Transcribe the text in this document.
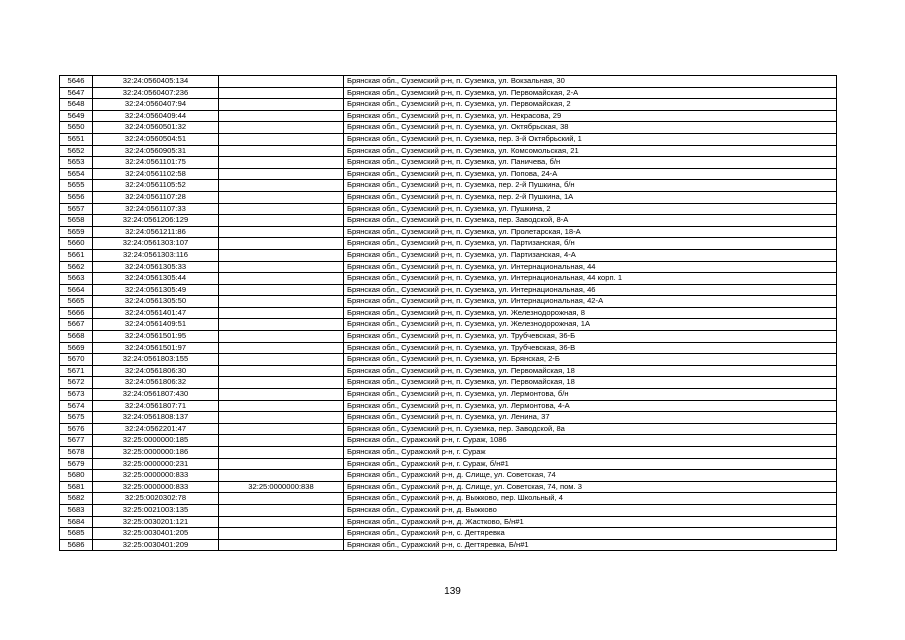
5646	32:24:0560405:134		Брянская обл., Суземский р-н, п. Суземка, ул. Вокзальная, 30
5647	32:24:0560407:236		Брянская обл., Суземский р-н, п. Суземка, ул. Первомайская, 2-А
5648	32:24:0560407:94		Брянская обл., Суземский р-н, п. Суземка, ул. Первомайская, 2
5649	32:24:0560409:44		Брянская обл., Суземский р-н, п. Суземка, ул. Некрасова, 29
5650	32:24:0560501:32		Брянская обл., Суземский р-н, п. Суземка, ул. Октябрьская, 38
5651	32:24:0560504:51		Брянская обл., Суземский р-н, п. Суземка, пер. 3-й Октябрьский, 1
5652	32:24:0560905:31		Брянская обл., Суземский р-н, п. Суземка, ул. Комсомольская, 21
5653	32:24:0561101:75		Брянская обл., Суземский р-н, п. Суземка, ул. Паничева, б/н
5654	32:24:0561102:58		Брянская обл., Суземский р-н, п. Суземка, ул. Попова, 24-А
5655	32:24:0561105:52		Брянская обл., Суземский р-н, п. Суземка, пер. 2-й Пушкина, б/н
5656	32:24:0561107:28		Брянская обл., Суземский р-н, п. Суземка, пер. 2-й Пушкина, 1А
5657	32:24:0561107:33		Брянская обл., Суземский р-н, п. Суземка, ул. Пушкина, 2
5658	32:24:0561206:129		Брянская обл., Суземский р-н, п. Суземка, пер. Заводской, 8-А
5659	32:24:0561211:86		Брянская обл., Суземский р-н, п. Суземка, ул. Пролетарская, 18-А
5660	32:24:0561303:107		Брянская обл., Суземский р-н, п. Суземка, ул. Партизанская, б/н
5661	32:24:0561303:116		Брянская обл., Суземский р-н, п. Суземка, ул. Партизанская, 4-А
5662	32:24:0561305:33		Брянская обл., Суземский р-н, п. Суземка, ул. Интернациональная, 44
5663	32:24:0561305:44		Брянская обл., Суземский р-н, п. Суземка, ул. Интернациональная, 44 корп. 1
5664	32:24:0561305:49		Брянская обл., Суземский р-н, п. Суземка, ул. Интернациональная, 46
5665	32:24:0561305:50		Брянская обл., Суземский р-н, п. Суземка, ул. Интернациональная, 42-А
5666	32:24:0561401:47		Брянская обл., Суземский р-н, п. Суземка, ул. Железнодорожная, 8
5667	32:24:0561409:51		Брянская обл., Суземский р-н, п. Суземка, ул. Железнодорожная, 1А
5668	32:24:0561501:95		Брянская обл., Суземский р-н, п. Суземка, ул. Трубчевская, 36-Б
5669	32:24:0561501:97		Брянская обл., Суземский р-н, п. Суземка, ул. Трубчевская, 36-В
5670	32:24:0561803:155		Брянская обл., Суземский р-н, п. Суземка, ул. Брянская, 2-Б
5671	32:24:0561806:30		Брянская обл., Суземский р-н, п. Суземка, ул. Первомайская, 18
5672	32:24:0561806:32		Брянская обл., Суземский р-н, п. Суземка, ул. Первомайская, 18
5673	32:24:0561807:430		Брянская обл., Суземский р-н, п. Суземка, ул. Лермонтова, б/н
5674	32:24:0561807:71		Брянская обл., Суземский р-н, п. Суземка, ул. Лермонтова, 4-А
5675	32:24:0561808:137		Брянская обл., Суземский р-н, п. Суземка, ул. Ленина, 37
5676	32:24:0562201:47		Брянская обл., Суземский р-н, п. Суземка, пер. Заводской, 8а
5677	32:25:0000000:185		Брянская обл., Суражский р-н, г. Сураж, 1086
5678	32:25:0000000:186		Брянская обл., Суражский р-н, г. Сураж
5679	32:25:0000000:231		Брянская обл., Суражский р-н, г. Сураж, б/н#1
5680	32:25:0000000:833		Брянская обл., Суражский р-н, д. Слище, ул. Советская, 74
5681	32:25:0000000:833	32:25:0000000:838	Брянская обл., Суражский р-н, д. Слище, ул. Советская, 74, пом. 3
5682	32:25:0020302:78		Брянская обл., Суражский р-н, д. Выжково, пер. Школьный, 4
5683	32:25:0021003:135		Брянская обл., Суражский р-н, д. Выжково
5684	32:25:0030201:121		Брянская обл., Суражский р-н, д. Жастково, Б/н#1
5685	32:25:0030401:205		Брянская обл., Суражский р-н, с. Дегтяревка
5686	32:25:0030401:209		Брянская обл., Суражский р-н, с. Дегтяревка, Б/н#1
139
